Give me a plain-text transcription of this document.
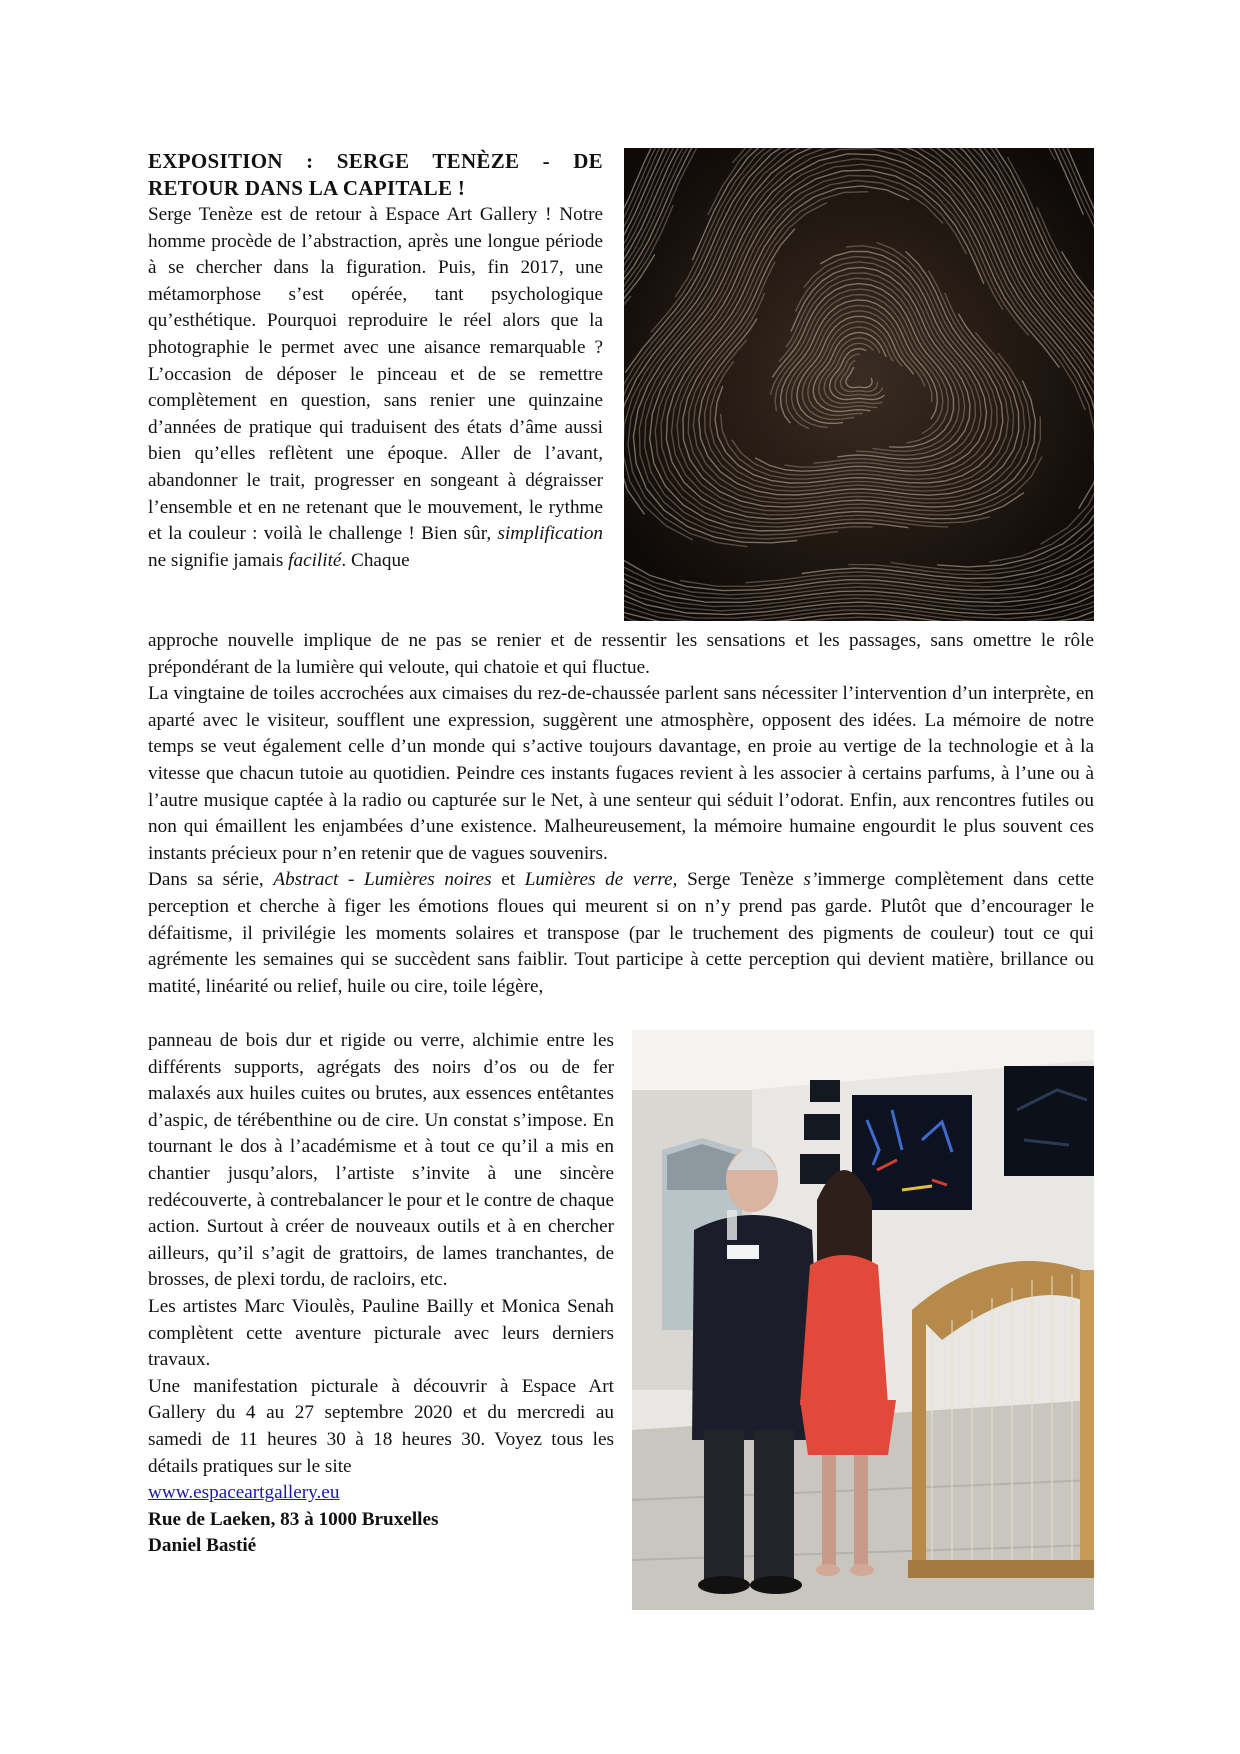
EXPOSITION : SERGE TENÈZE - DE RETOUR DANS LA CAPITALE !

Serge Tenèze est de retour à Espace Art Gallery ! Notre homme procède de l’abstraction, après une longue période à se chercher dans la figuration. Puis, fin 2017, une métamorphose s’est opérée, tant psychologique qu’esthétique. Pourquoi reproduire le réel alors que la photographie le permet avec une aisance remarquable ? L’occasion de déposer le pinceau et de se remettre complètement en question, sans renier une quinzaine d’années de pratique qui traduisent des états d’âme aussi bien qu’elles reflètent une époque. Aller de l’avant, abandonner le trait, progresser en songeant à dégraisser l’ensemble et en ne retenant que le mouvement, le rythme et la couleur : voilà le challenge ! Bien sûr, simplification ne signifie jamais facilité. Chaque

approche nouvelle implique de ne pas se renier et de ressentir les sensations et les passages, sans omettre le rôle prépondérant de la lumière qui veloute, qui chatoie et qui fluctue.

La vingtaine de toiles accrochées aux cimaises du rez-de-chaussée parlent sans nécessiter l’intervention d’un interprète, en aparté avec le visiteur, soufflent une expression, suggèrent une atmosphère, opposent des idées. La mémoire de notre temps se veut également celle d’un monde qui s’active toujours davantage, en proie au vertige de la technologie et à la vitesse que chacun tutoie au quotidien. Peindre ces instants fugaces revient à les associer à certains parfums, à l’une ou à l’autre musique captée à la radio ou capturée sur le Net, à une senteur qui séduit l’odorat. Enfin, aux rencontres futiles ou non qui émaillent les enjambées d’une existence. Malheureusement, la mémoire humaine engourdit le plus souvent ces instants précieux pour n’en retenir que de vagues souvenirs.

Dans sa série, Abstract - Lumières noires et Lumières de verre, Serge Tenèze s’immerge complètement dans cette perception et cherche à figer les émotions floues qui meurent si on n’y prend pas garde. Plutôt que d’encourager le défaitisme, il privilégie les moments solaires et transpose (par le truchement des pigments de couleur) tout ce qui agrémente les semaines qui se succèdent sans faiblir. Tout participe à cette perception qui devient matière, brillance ou matité, linéarité ou relief, huile ou cire, toile légère,

panneau de bois dur et rigide ou verre, alchimie entre les différents supports, agrégats des noirs d’os ou de fer malaxés aux huiles cuites ou brutes, aux essences entêtantes d’aspic, de térébenthine ou de cire. Un constat s’impose. En tournant le dos à l’académisme et à tout ce qu’il a mis en chantier jusqu’alors, l’artiste s’invite à une sincère redécouverte, à contrebalancer le pour et le contre de chaque action. Surtout à créer de nouveaux outils et à en chercher ailleurs, qu’il s’agit de grattoirs, de lames tranchantes, de brosses, de plexi tordu, de racloirs, etc.

Les artistes Marc Vioulès, Pauline Bailly et Monica Senah complètent cette aventure picturale avec leurs derniers travaux.

Une manifestation picturale à découvrir à Espace Art Gallery du 4 au 27 septembre 2020 et du mercredi au samedi de 11 heures 30 à 18 heures 30. Voyez tous les détails pratiques sur le site

www.espaceartgallery.eu

Rue de Laeken, 83 à 1000 Bruxelles

Daniel Bastié
